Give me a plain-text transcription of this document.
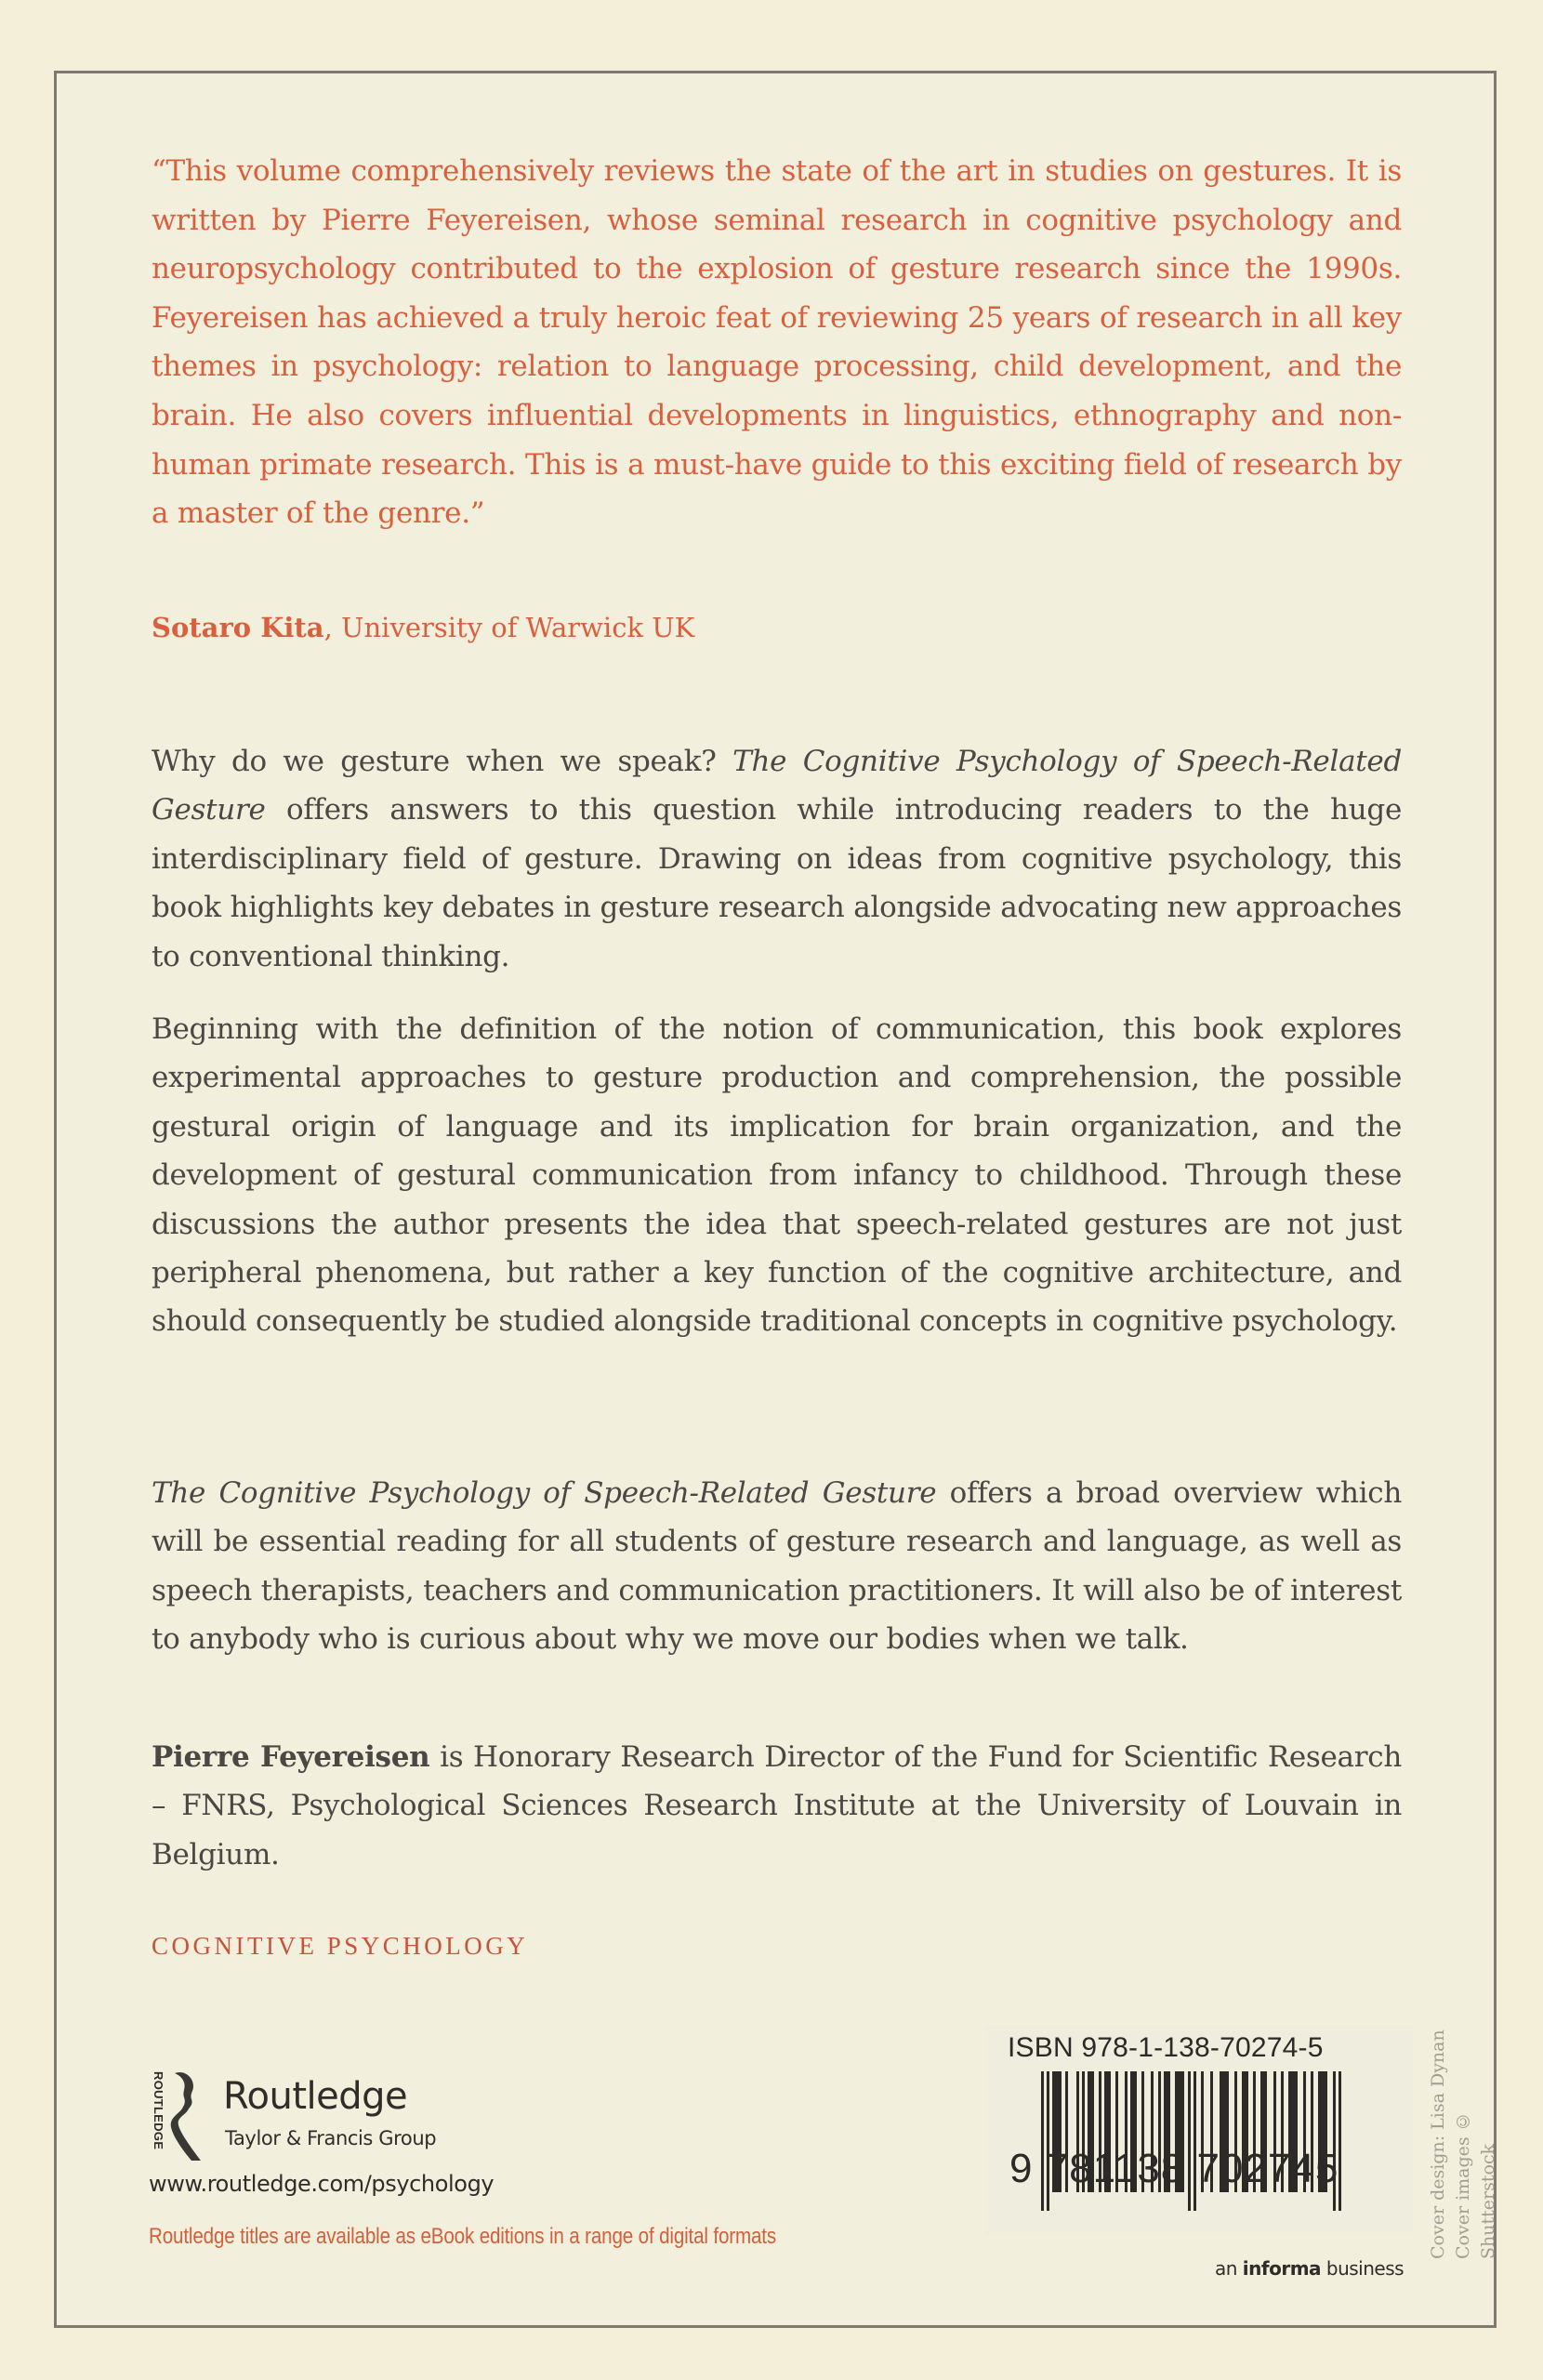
“This volume comprehensively reviews the state of the art in studies on gestures. It is written by Pierre Feyereisen, whose seminal research in cognitive psychology and neuropsychology contributed to the explosion of gesture research since the 1990s. Feyereisen has achieved a truly heroic feat of reviewing 25 years of research in all key themes in psychology: relation to language processing, child development, and the brain. He also covers influential developments in linguistics, ethnography and non-human primate research. This is a must-have guide to this exciting field of research by a master of the genre.”
Sotaro Kita, University of Warwick UK

Why do we gesture when we speak? The Cognitive Psychology of Speech-Related Gesture offers answers to this question while introducing readers to the huge interdisciplinary field of gesture. Drawing on ideas from cognitive psychology, this book highlights key debates in gesture research alongside advocating new approaches to conventional thinking.

Beginning with the definition of the notion of communication, this book explores experimental approaches to gesture production and comprehension, the possible gestural origin of language and its implication for brain organization, and the development of gestural communication from infancy to childhood. Through these discussions the author presents the idea that speech-related gestures are not just peripheral phenomena, but rather a key function of the cognitive architecture, and should consequently be studied alongside traditional concepts in cognitive psychology.

The Cognitive Psychology of Speech-Related Gesture offers a broad overview which will be essential reading for all students of gesture research and language, as well as speech therapists, teachers and communication practitioners. It will also be of interest to anybody who is curious about why we move our bodies when we talk.

Pierre Feyereisen is Honorary Research Director of the Fund for Scientific Research – FNRS, Psychological Sciences Research Institute at the University of Louvain in Belgium.

COGNITIVE PSYCHOLOGY
ROUTLEDGE Routledge
Taylor & Francis Group
www.routledge.com/psychology
Routledge titles are available as eBook editions in a range of digital formats
ISBN 978-1-138-70274-5
9 781138 702745
an informa business
Cover design: Lisa Dynan Cover images © Shutterstock
